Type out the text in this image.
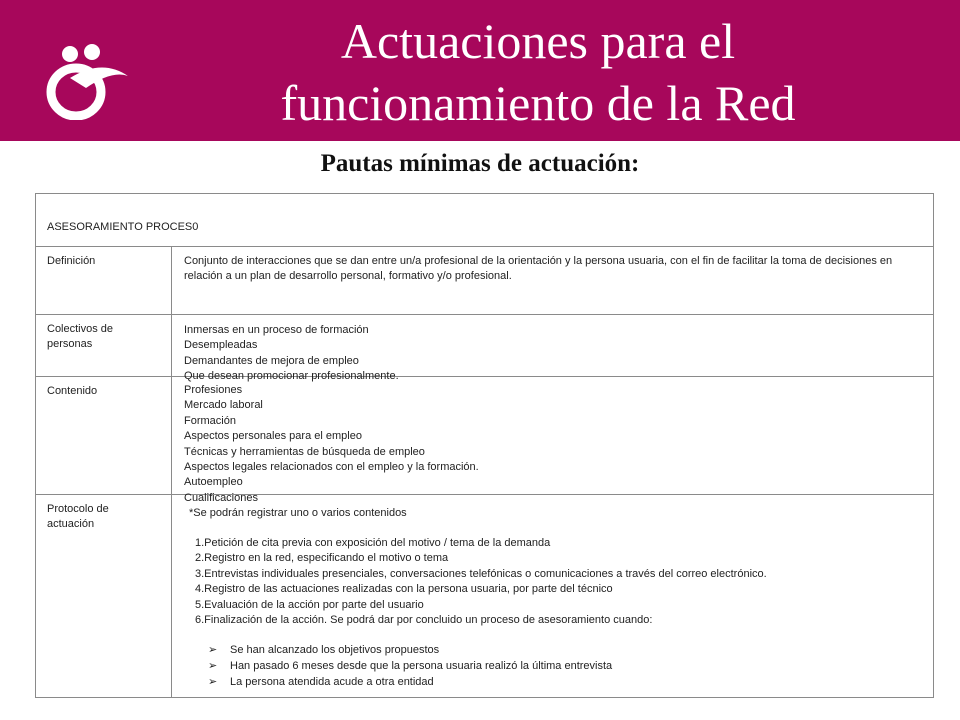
Actuaciones para el
funcionamiento de la Red
Pautas mínimas de actuación:
ASESORAMIENTO PROCES0
Definición	Conjunto de interacciones que se dan entre un/a profesional de la orientación y la persona usuaria, con el fin de facilitar la toma de decisiones en relación a un plan de desarrollo personal, formativo y/o profesional.
Colectivos de personas
Inmersas en un proceso de formación
Desempleadas
Demandantes de mejora de empleo
Que desean promocionar profesionalmente.
Contenido	Profesiones
Mercado laboral
Formación
Aspectos personales para el empleo
Técnicas y herramientas de búsqueda de empleo
Aspectos legales relacionados con el empleo y la formación.
Autoempleo
Cualificaciones
*Se podrán registrar uno o varios contenidos
Protocolo de actuación
1.Petición de cita previa con exposición del motivo / tema de la demanda
2.Registro en la red, especificando el motivo o tema
3.Entrevistas individuales presenciales, conversaciones telefónicas o comunicaciones a través del correo electrónico.
4.Registro de las actuaciones realizadas con la persona usuaria, por parte del técnico
5.Evaluación de la acción por parte del usuario
6.Finalización de la acción. Se podrá dar por concluido un proceso de asesoramiento cuando:
➢ Se han alcanzado los objetivos propuestos
➢ Han pasado 6 meses desde que la persona usuaria realizó la última entrevista
➢ La persona atendida acude a otra entidad
